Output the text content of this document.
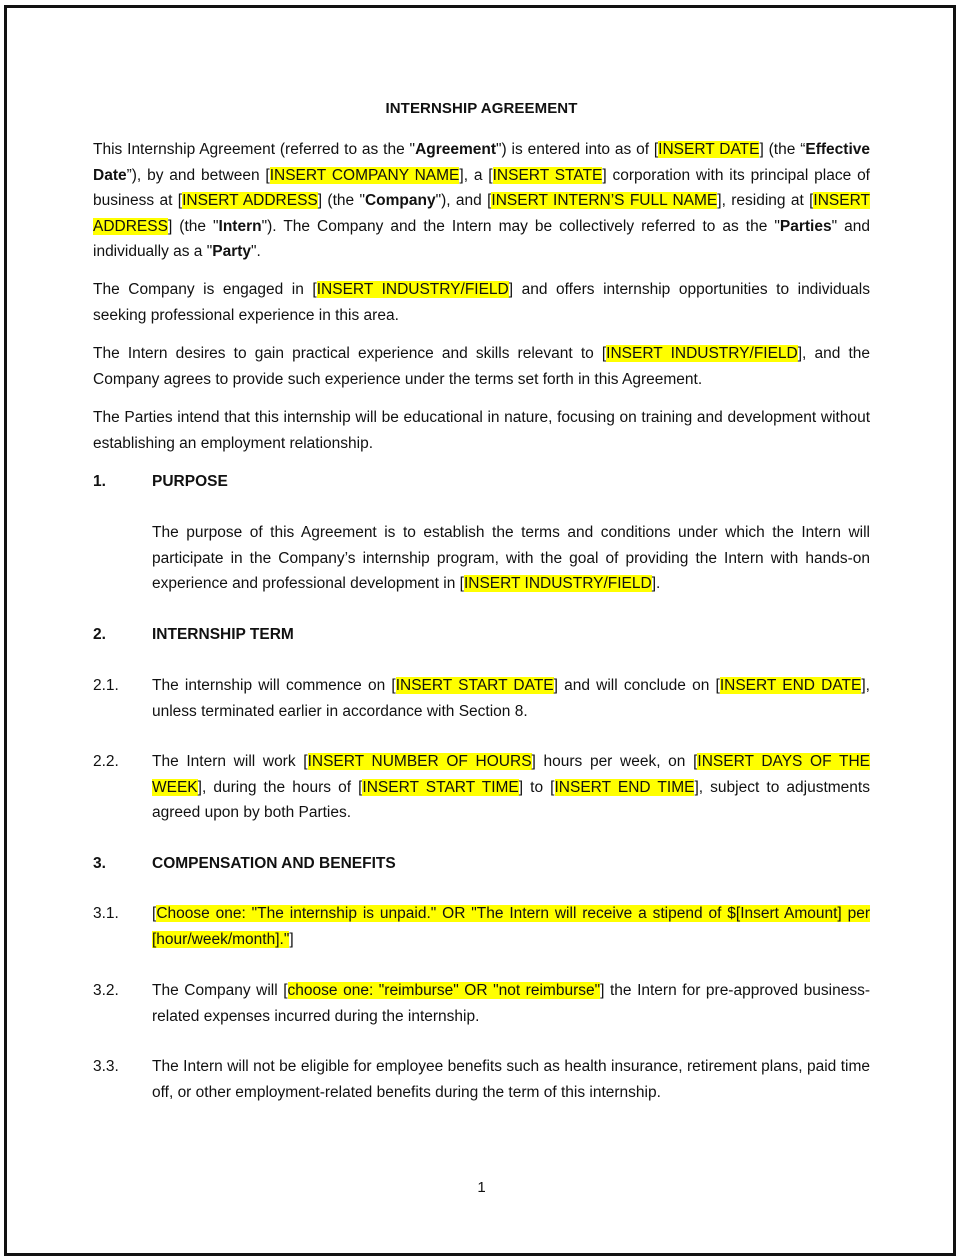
INTERNSHIP AGREEMENT

This Internship Agreement (referred to as the "Agreement") is entered into as of [INSERT DATE] (the “Effective Date”), by and between [INSERT COMPANY NAME], a [INSERT STATE] corporation with its principal place of business at [INSERT ADDRESS] (the "Company"), and [INSERT INTERN’S FULL NAME], residing at [INSERT ADDRESS] (the "Intern"). The Company and the Intern may be collectively referred to as the "Parties" and individually as a "Party".

The Company is engaged in [INSERT INDUSTRY/FIELD] and offers internship opportunities to individuals seeking professional experience in this area.

The Intern desires to gain practical experience and skills relevant to [INSERT INDUSTRY/FIELD], and the Company agrees to provide such experience under the terms set forth in this Agreement.

The Parties intend that this internship will be educational in nature, focusing on training and development without establishing an employment relationship.

1.	PURPOSE

The purpose of this Agreement is to establish the terms and conditions under which the Intern will participate in the Company’s internship program, with the goal of providing the Intern with hands-on experience and professional development in [INSERT INDUSTRY/FIELD].

2.	INTERNSHIP TERM
2.1. The internship will commence on [INSERT START DATE] and will conclude on [INSERT END DATE], unless terminated earlier in accordance with Section 8.

2.2. The Intern will work [INSERT NUMBER OF HOURS] hours per week, on [INSERT DAYS OF THE WEEK], during the hours of [INSERT START TIME] to [INSERT END TIME], subject to adjustments agreed upon by both Parties.

3.	COMPENSATION AND BENEFITS
3.1. [Choose one: "The internship is unpaid." OR "The Intern will receive a stipend of $[Insert Amount] per [hour/week/month]."]

3.2. The Company will [choose one: "reimburse" OR "not reimburse"] the Intern for pre-approved business-related expenses incurred during the internship.

3.3. The Intern will not be eligible for employee benefits such as health insurance, retirement plans, paid time off, or other employment-related benefits during the term of this internship.

1
